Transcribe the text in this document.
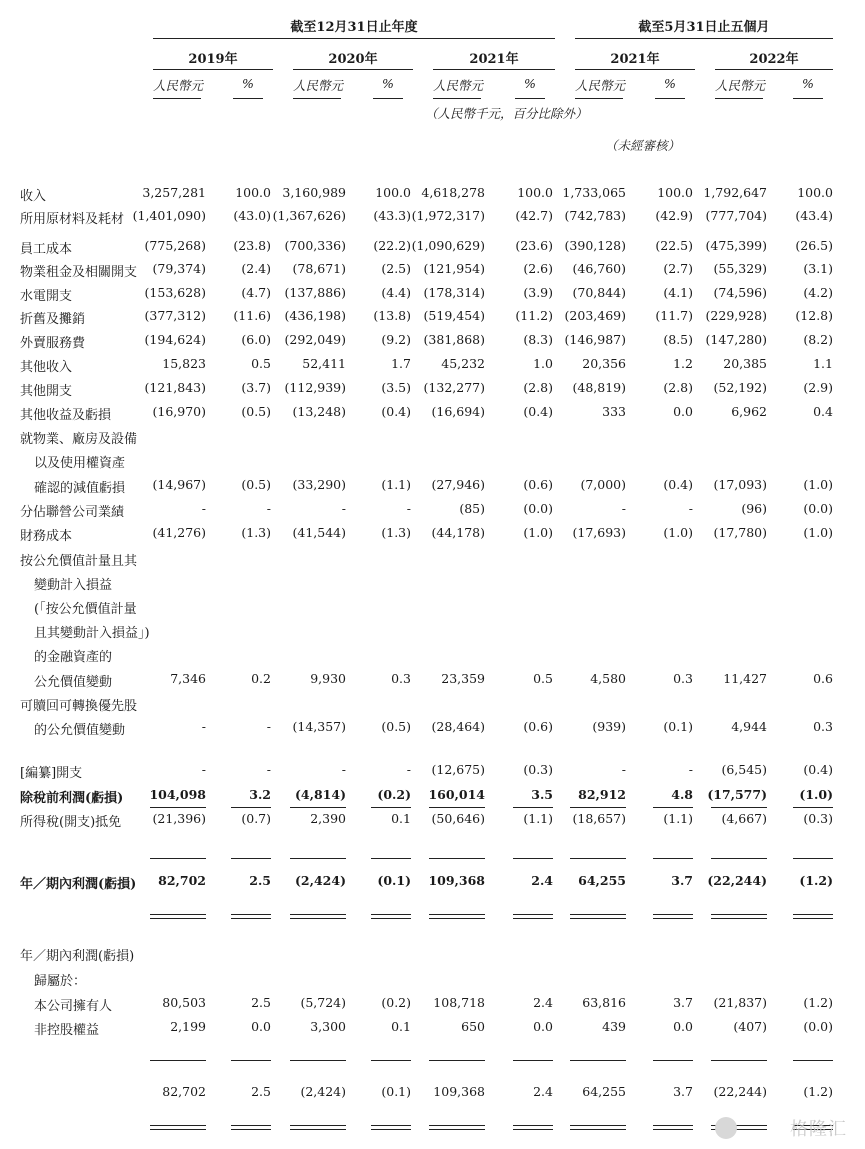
截至12月31日止年度	截至5月31日止五個月
2019年	2020年	2021年	2021年	2022年
人民幣元	%	人民幣元	%	人民幣元	%	人民幣元	%	人民幣元	%
（人民幣千元，百分比除外）
（未經審核）
收入	3,257,281	100.0 3,160,989	100.0 4,618,278	100.0 1,733,065	100.0 1,792,647	100.0
所用原材料及耗材 (1,401,090)	(43.0) (1,367,626)	(43.3) (1,972,317)	(42.7) (742,783)	(42.9)	(777,704)	(43.4)
員工成本	(775,268)	(23.8)	(700,336)	(22.2) (1,090,629)	(23.6) (390,128)	(22.5)	(475,399)	(26.5)
物業租金及相關開支	(79,374)	(2.4)	(78,671)	(2.5)	(121,954)	(2.6)	(46,760)	(2.7)	(55,329)	(3.1)
水電開支	(153,628)	(4.7)	(137,886)	(4.4)	(178,314)	(3.9)	(70,844)	(4.1)	(74,596)	(4.2)
折舊及攤銷	(377,312)	(11.6)	(436,198)	(13.8)	(519,454)	(11.2) (203,469)	(11.7)	(229,928)	(12.8)
外賣服務費	(194,624)	(6.0)	(292,049)	(9.2)	(381,868)	(8.3) (146,987)	(8.5)	(147,280)	(8.2)
其他收入	15,823	0.5	52,411	1.7	45,232	1.0	20,356	1.2	20,385	1.1
其他開支	(121,843)	(3.7)	(112,939)	(3.5)	(132,277)	(2.8)	(48,819)	(2.8)	(52,192)	(2.9)
其他收益及虧損	(16,970)	(0.5)	(13,248)	(0.4)	(16,694)	(0.4)	333	0.0	6,962	0.4
就物業、廠房及設備
以及使用權資產
確認的減值虧損	(14,967)	(0.5)	(33,290)	(1.1)	(27,946)	(0.6)	(7,000)	(0.4)	(17,093)	(1.0)
分佔聯營公司業績	-	-	-	-	(85)	(0.0)	-	-	(96)	(0.0)
財務成本	(41,276)	(1.3)	(41,544)	(1.3)	(44,178)	(1.0)	(17,693)	(1.0)	(17,780)	(1.0)
按公允價值計量且其
變動計入損益
(「按公允價值計量
且其變動計入損益」)
的金融資產的
公允價值變動	7,346	0.2	9,930	0.3	23,359	0.5	4,580	0.3	11,427	0.6
可贖回可轉換優先股
的公允價值變動	-	-	(14,357)	(0.5)	(28,464)	(0.6)	(939)	(0.1)	4,944	0.3
[編纂]開支	-	-	-	-	(12,675)	(0.3)	-	-	(6,545)	(0.4)
除稅前利潤(虧損)	104,098	3.2	(4,814)	(0.2)	160,014	3.5	82,912	4.8	(17,577)	(1.0)
所得稅(開支)抵免	(21,396)	(0.7)	2,390	0.1	(50,646)	(1.1)	(18,657)	(1.1)	(4,667)	(0.3)
年／期內利潤(虧損)	82,702	2.5	(2,424)	(0.1)	109,368	2.4	64,255	3.7	(22,244)	(1.2)
年／期內利潤(虧損)
歸屬於：
本公司擁有人	80,503	2.5	(5,724)	(0.2)	108,718	2.4	63,816	3.7	(21,837)	(1.2)
非控股權益	2,199	0.0	3,300	0.1	650	0.0	439	0.0	(407)	(0.0)
82,702	2.5	(2,424)	(0.1)	109,368	2.4	64,255	3.7	(22,244)	(1.2)
格隆汇
